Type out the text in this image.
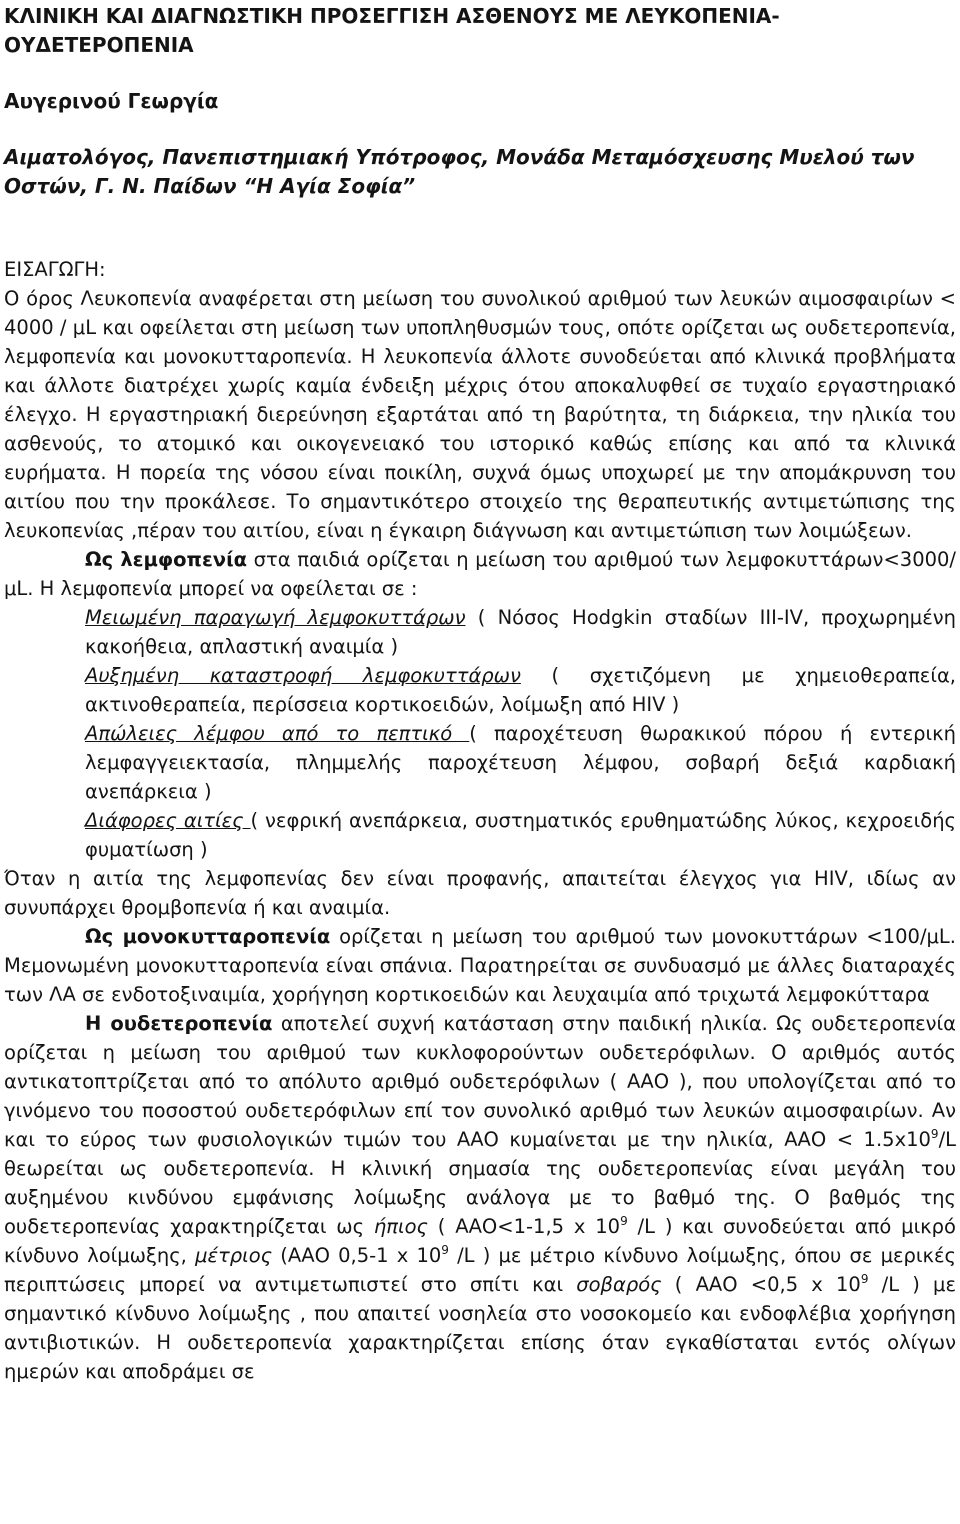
ΚΛΙΝΙΚΗ ΚΑΙ ΔΙΑΓΝΩΣΤΙΚΗ ΠΡΟΣΕΓΓΙΣΗ ΑΣΘΕΝΟΥΣ ΜΕ ΛΕΥΚΟΠΕΝΙΑ- ΟΥΔΕΤΕΡΟΠΕΝΙΑ

Αυγερινού Γεωργία

Αιματολόγος, Πανεπιστημιακή Υπότροφος, Μονάδα Μεταμόσχευσης Μυελού των Οστών, Γ. Ν. Παίδων “Η Αγία Σοφία”

ΕΙΣΑΓΩΓΗ:

Ο όρος Λευκοπενία αναφέρεται στη μείωση του συνολικού αριθμού των λευκών αιμοσφαιρίων < 4000 / μL και οφείλεται στη μείωση των υποπληθυσμών τους, οπότε ορίζεται ως ουδετεροπενία, λεμφοπενία και μονοκυτταροπενία. Η λευκοπενία άλλοτε συνοδεύεται από κλινικά προβλήματα και άλλοτε διατρέχει χωρίς καμία ένδειξη μέχρις ότου αποκαλυφθεί σε τυχαίο εργαστηριακό έλεγχο. Η εργαστηριακή διερεύνηση εξαρτάται από τη βαρύτητα, τη διάρκεια, την ηλικία του ασθενούς, το ατομικό και οικογενειακό του ιστορικό καθώς επίσης και από τα κλινικά ευρήματα. Η πορεία της νόσου είναι ποικίλη, συχνά όμως υποχωρεί με την απομάκρυνση του αιτίου που την προκάλεσε. Το σημαντικότερο στοιχείο της θεραπευτικής αντιμετώπισης της λευκοπενίας ,πέραν του αιτίου, είναι η έγκαιρη διάγνωση και αντιμετώπιση των λοιμώξεων.

Ως λεμφοπενία στα παιδιά ορίζεται η μείωση του αριθμού των λεμφοκυττάρων<3000/μL. Η λεμφοπενία μπορεί να οφείλεται σε :

Μειωμένη παραγωγή λεμφοκυττάρων ( Νόσος Hodgkin σταδίων III-IV, προχωρημένη κακοήθεια, απλαστική αναιμία )

Αυξημένη καταστροφή λεμφοκυττάρων ( σχετιζόμενη με χημειοθεραπεία, ακτινοθεραπεία, περίσσεια κορτικοειδών, λοίμωξη από HIV )

Απώλειες λέμφου από το πεπτικό ( παροχέτευση θωρακικού πόρου ή εντερική λεμφαγγειεκτασία, πλημμελής παροχέτευση λέμφου, σοβαρή δεξιά καρδιακή ανεπάρκεια )

Διάφορες αιτίες ( νεφρική ανεπάρκεια, συστηματικός ερυθηματώδης λύκος, κεχροειδής φυματίωση )

Όταν η αιτία της λεμφοπενίας δεν είναι προφανής, απαιτείται έλεγχος για HIV, ιδίως αν συνυπάρχει θρομβοπενία ή και αναιμία.

Ως μονοκυτταροπενία ορίζεται η μείωση του αριθμού των μονοκυττάρων <100/μL. Μεμονωμένη μονοκυτταροπενία είναι σπάνια. Παρατηρείται σε συνδυασμό με άλλες διαταραχές των ΛΑ σε ενδοτοξιναιμία, χορήγηση κορτικοειδών και λευχαιμία από τριχωτά λεμφοκύτταρα

Η ουδετεροπενία αποτελεί συχνή κατάσταση στην παιδική ηλικία. Ως ουδετεροπενία ορίζεται η μείωση του αριθμού των κυκλοφορούντων ουδετερόφιλων. Ο αριθμός αυτός αντικατοπτρίζεται από το απόλυτο αριθμό ουδετερόφιλων ( ΑΑΟ ), που υπολογίζεται από το γινόμενο του ποσοστού ουδετερόφιλων επί τον συνολικό αριθμό των λευκών αιμοσφαιρίων. Αν και το εύρος των φυσιολογικών τιμών του ΑΑΟ κυμαίνεται με την ηλικία, $AAO < 1.5x10^9/L$ θεωρείται ως ουδετεροπενία. Η κλινική σημασία της ουδετεροπενίας είναι μεγάλη του αυξημένου κινδύνου εμφάνισης λοίμωξης ανάλογα με το βαθμό της. Ο βαθμός της ουδετεροπενίας χαρακτηρίζεται ως ήπιος ( ΑΑΟ<1-1,5 x $10^9$ /L ) και συνοδεύεται από μικρό κίνδυνο λοίμωξης, μέτριος (ΑΑΟ 0,5-1 x $10^9$ /L ) με μέτριο κίνδυνο λοίμωξης, όπου σε μερικές περιπτώσεις μπορεί να αντιμετωπιστεί στο σπίτι και σοβαρός ( ΑΑΟ <0,5 x $10^9$ /L ) με σημαντικό κίνδυνο λοίμωξης , που απαιτεί νοσηλεία στο νοσοκομείο και ενδοφλέβια χορήγηση αντιβιοτικών. Η ουδετεροπενία χαρακτηρίζεται επίσης όταν εγκαθίσταται εντός ολίγων ημερών και αποδράμει σε
